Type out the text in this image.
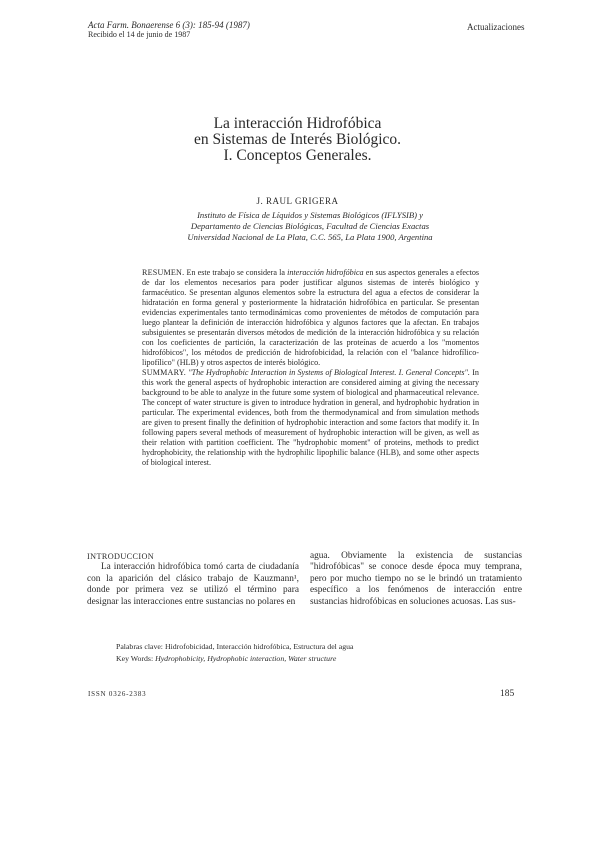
Acta Farm. Bonaerense 6 (3): 185-94 (1987)
Recibido el 14 de junio de 1987
Actualizaciones
La interacción Hidrofóbica
en Sistemas de Interés Biológico.
I. Conceptos Generales.
J. RAUL GRIGERA
Instituto de Física de Líquidos y Sistemas Biológicos (IFLYSIB) y
Departamento de Ciencias Biológicas, Facultad de Ciencias Exactas
Universidad Nacional de La Plata, C.C. 565, La Plata 1900, Argentina

RESUMEN. En este trabajo se considera la interacción hidrofóbica en sus aspectos generales a efectos de dar los elementos necesarios para poder justificar algunos sistemas de interés biológico y farmacéutico. Se presentan algunos elementos sobre la estructura del agua a efectos de considerar la hidratación en forma general y posteriormente la hidratación hidrofóbica en particular. Se presentan evidencias experimentales tanto termodinámicas como provenientes de métodos de computación para luego plantear la definición de interacción hidrofóbica y algunos factores que la afectan. En trabajos subsiguientes se presentarán diversos métodos de medición de la interacción hidrofóbica y su relación con los coeficientes de partición, la caracterización de las proteínas de acuerdo a los "momentos hidrofóbicos", los métodos de predicción de hidrofobicidad, la relación con el "balance hidrofílico-lipofílico" (HLB) y otros aspectos de interés biológico.

SUMMARY. "The Hydrophobic Interaction in Systems of Biological Interest. I. General Concepts". In this work the general aspects of hydrophobic interaction are considered aiming at giving the necessary background to be able to analyze in the future some system of biological and pharmaceutical relevance. The concept of water structure is given to introduce hydration in general, and hydrophobic hydration in particular. The experimental evidences, both from the thermodynamical and from simulation methods are given to present finally the definition of hydrophobic interaction and some factors that modify it. In following papers several methods of measurement of hydrophobic interaction will be given, as well as their relation with partition coefficient. The "hydrophobic moment" of proteins, methods to predict hydrophobicity, the relationship with the hydrophilic lipophilic balance (HLB), and some other aspects of biological interest.

INTRODUCCION

La interacción hidrofóbica tomó carta de ciudadanía con la aparición del clásico trabajo de Kauzmann¹, donde por primera vez se utilizó el término para designar las interacciones entre sustancias no polares en

agua. Obviamente la existencia de sustancias "hidrofóbicas" se conoce desde época muy temprana, pero por mucho tiempo no se le brindó un tratamiento específico a los fenómenos de interacción entre sustancias hidrofóbicas en soluciones acuosas. Las sus-

Palabras clave: Hidrofobicidad, Interacción hidrofóbica, Estructura del agua
Key Words: Hydrophobicity, Hydrophobic interaction, Water structure
ISSN 0326-2383	185
